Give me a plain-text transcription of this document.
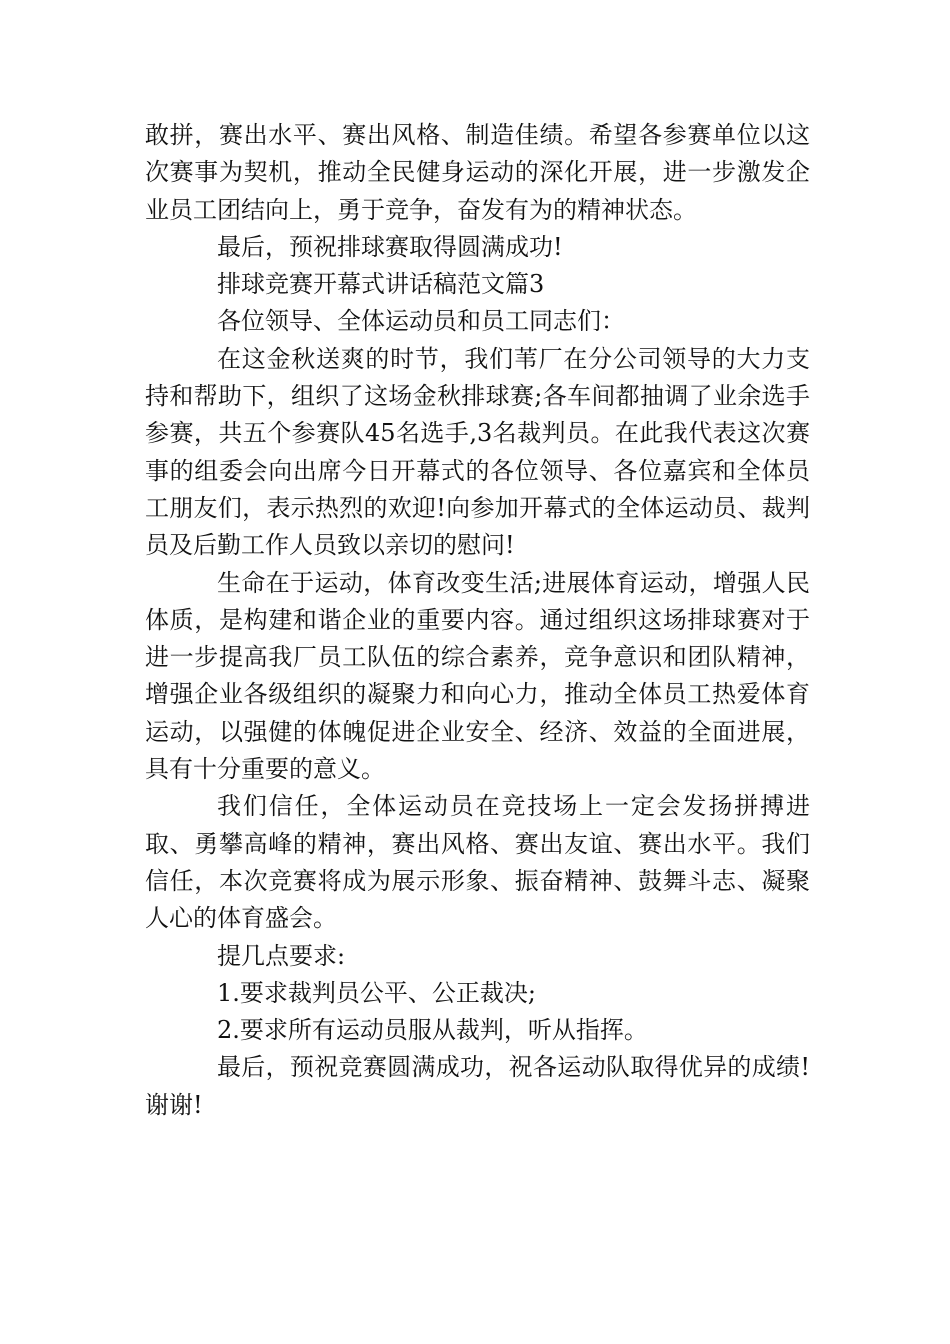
敢拼，赛出水平、赛出风格、制造佳绩。希望各参赛单位以这次赛事为契机，推动全民健身运动的深化开展，进一步激发企业员工团结向上，勇于竞争，奋发有为的精神状态。

最后，预祝排球赛取得圆满成功!

排球竞赛开幕式讲话稿范文篇3

各位领导、全体运动员和员工同志们：

在这金秋送爽的时节，我们苇厂在分公司领导的大力支持和帮助下，组织了这场金秋排球赛;各车间都抽调了业余选手参赛，共五个参赛队45名选手,3名裁判员。在此我代表这次赛事的组委会向出席今日开幕式的各位领导、各位嘉宾和全体员工朋友们，表示热烈的欢迎!向参加开幕式的全体运动员、裁判员及后勤工作人员致以亲切的慰问!

生命在于运动，体育改变生活;进展体育运动，增强人民体质，是构建和谐企业的重要内容。通过组织这场排球赛对于进一步提高我厂员工队伍的综合素养，竞争意识和团队精神，增强企业各级组织的凝聚力和向心力，推动全体员工热爱体育运动，以强健的体魄促进企业安全、经济、效益的全面进展，具有十分重要的意义。

我们信任，全体运动员在竞技场上一定会发扬拼搏进取、勇攀高峰的精神，赛出风格、赛出友谊、赛出水平。我们信任，本次竞赛将成为展示形象、振奋精神、鼓舞斗志、凝聚人心的体育盛会。

提几点要求:

1.要求裁判员公平、公正裁决;

2.要求所有运动员服从裁判，听从指挥。

最后，预祝竞赛圆满成功，祝各运动队取得优异的成绩!谢谢!
